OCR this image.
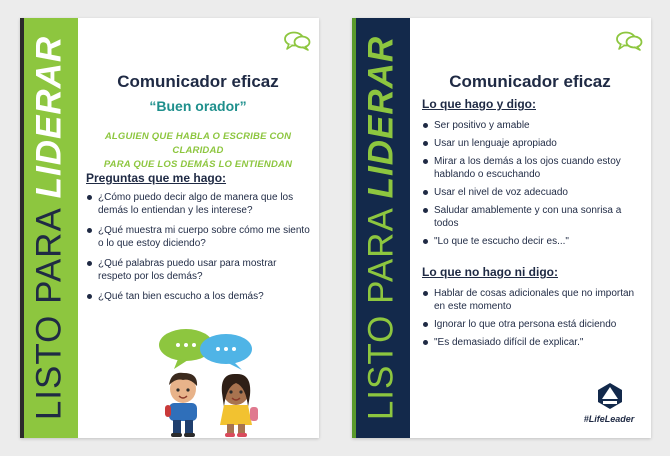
LISTO PARA LIDERAR	Comunicador eficaz
“Buen orador”
ALGUIEN QUE HABLA O ESCRIBE CON CLARIDAD
PARA QUE LOS DEMÁS LO ENTIENDAN
Preguntas que me hago:
¿Cómo puedo decir algo de manera que los demás lo entiendan y les interese?
¿Qué muestra mi cuerpo sobre cómo me siento o lo que estoy diciendo?
¿Qué palabras puedo usar para mostrar respeto por los demás?
¿Qué tan bien escucho a los demás?	LISTO PARA LIDERAR	Comunicador eficaz
Lo que hago y digo:
Ser positivo y amable
Usar un lenguaje apropiado
Mirar a los demás a los ojos cuando estoy hablando o escuchando
Usar el nivel de voz adecuado
Saludar amablemente y con una sonrisa a todos
"Lo que te escucho decir es..."
Lo que no hago ni digo:
Hablar de cosas adicionales que no importan en este momento
Ignorar lo que otra persona está diciendo
"Es demasiado difícil de explicar."
#LifeLeader
